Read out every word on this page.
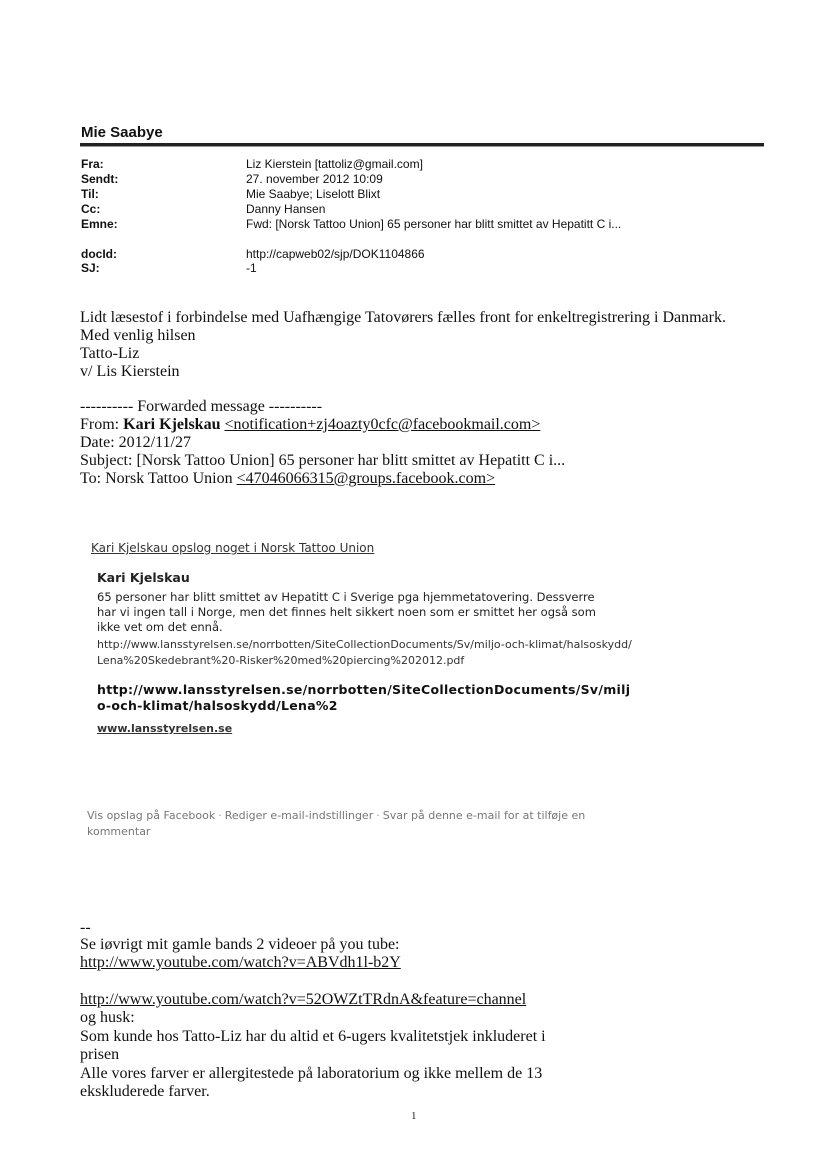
Mie Saabye
Fra:	Liz Kierstein [tattoliz@gmail.com]
Sendt:	27. november 2012 10:09
Til:	Mie Saabye; Liselott Blixt
Cc:	Danny Hansen
Emne:	Fwd: [Norsk Tattoo Union] 65 personer har blitt smittet av Hepatitt C i...
docId:	http://capweb02/sjp/DOK1104866
SJ:	-1
Lidt læsestof i forbindelse med Uafhængige Tatovørers fælles front for enkeltregistrering i Danmark.
Med venlig hilsen
Tatto-Liz
v/ Lis Kierstein
---------- Forwarded message ----------
From: Kari Kjelskau <notification+zj4oazty0cfc@facebookmail.com>
Date: 2012/11/27
Subject: [Norsk Tattoo Union] 65 personer har blitt smittet av Hepatitt C i...
To: Norsk Tattoo Union <47046066315@groups.facebook.com>
Kari Kjelskau opslog noget i Norsk Tattoo Union
Kari Kjelskau
65 personer har blitt smittet av Hepatitt C i Sverige pga hjemmetatovering. Dessverre har vi ingen tall i Norge, men det finnes helt sikkert noen som er smittet her også som ikke vet om det ennå.
http://www.lansstyrelsen.se/norrbotten/SiteCollectionDocuments/Sv/miljo-och-klimat/halsoskydd/Lena%20Skedebrant%20-Risker%20med%20piercing%202012.pdf
http://www.lansstyrelsen.se/norrbotten/SiteCollectionDocuments/Sv/miljo-och-klimat/halsoskydd/Lena%2
www.lansstyrelsen.se
Vis opslag på Facebook · Rediger e-mail-indstillinger · Svar på denne e-mail for at tilføje en kommentar
--
Se iøvrigt mit gamle bands 2 videoer på you tube:
http://www.youtube.com/watch?v=ABVdh1l-b2Y
http://www.youtube.com/watch?v=52OWZtTRdnA&feature=channel
og husk:
Som kunde hos Tatto-Liz har du altid et 6-ugers kvalitetstjek inkluderet i
prisen
Alle vores farver er allergitestede på laboratorium og ikke mellem de 13
ekskluderede farver.
1
